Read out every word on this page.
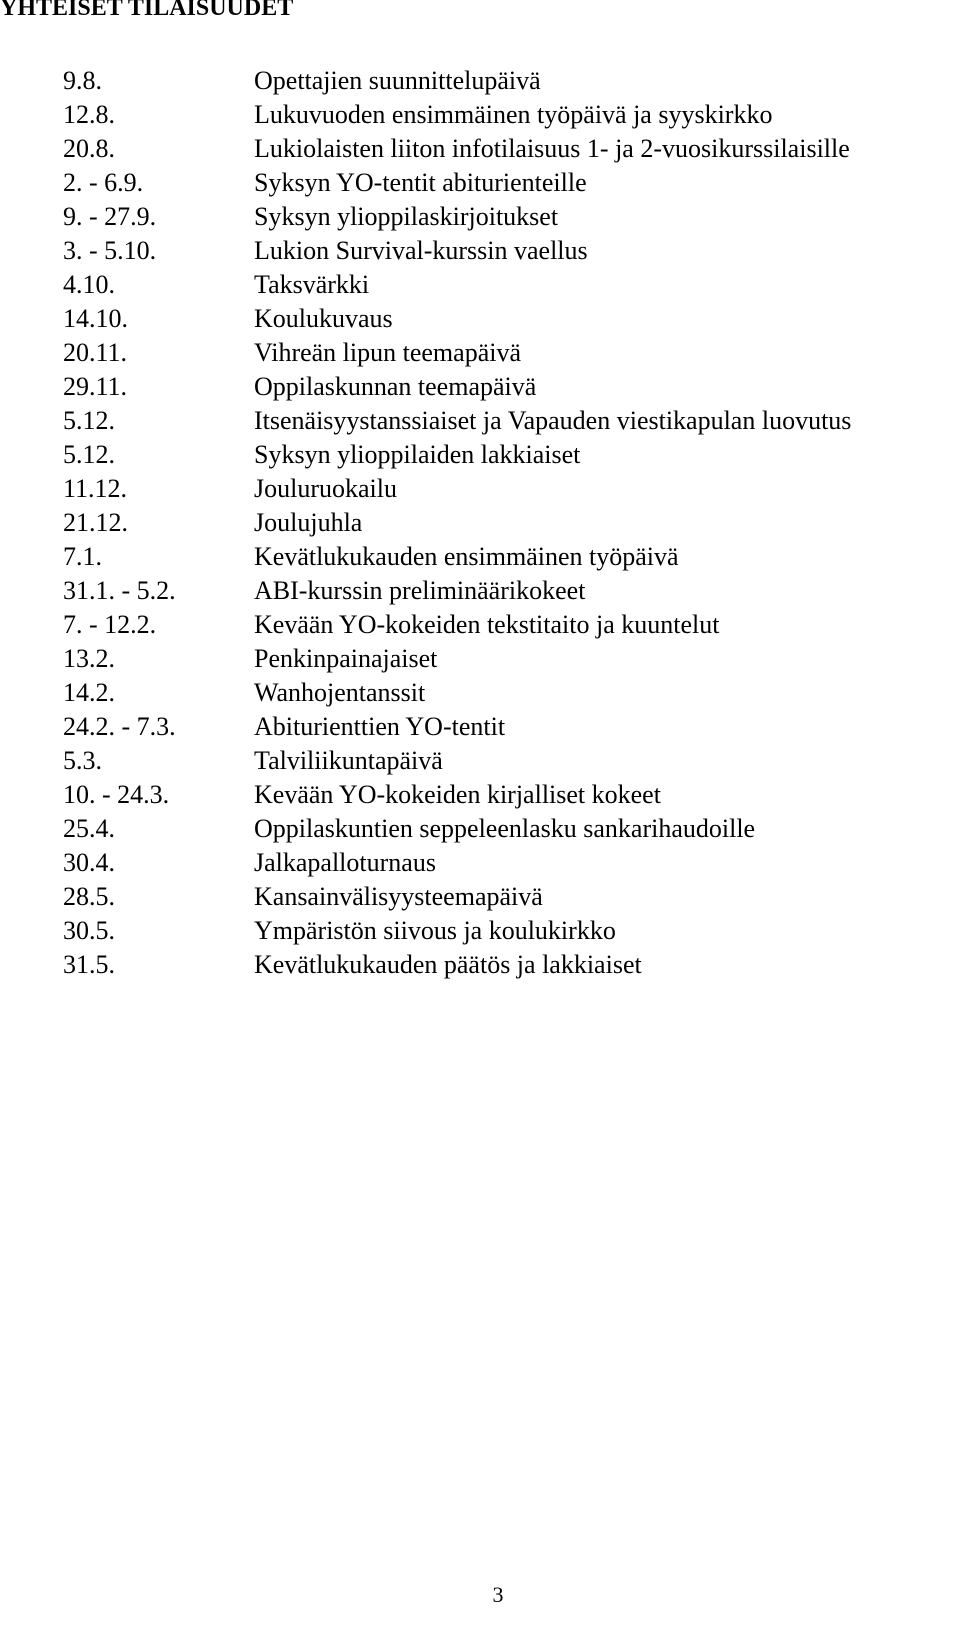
YHTEISET TILAISUUDET
9.8.	Opettajien suunnittelupäivä
12.8.	Lukuvuoden ensimmäinen työpäivä ja syyskirkko
20.8.	Lukiolaisten liiton infotilaisuus 1- ja 2-vuosikurssilaisille
2. - 6.9.	Syksyn YO-tentit abiturienteille
9. - 27.9.	Syksyn ylioppilaskirjoitukset
3. - 5.10.	Lukion Survival-kurssin vaellus
4.10.	Taksvärkki
14.10.	Koulukuvaus
20.11.	Vihreän lipun teemapäivä
29.11.	Oppilaskunnan teemapäivä
5.12.	Itsenäisyystanssiaiset ja Vapauden viestikapulan luovutus
5.12.	Syksyn ylioppilaiden lakkiaiset
11.12.	Jouluruokailu
21.12.	Joulujuhla
7.1.	Kevätlukukauden ensimmäinen työpäivä
31.1. - 5.2.	ABI-kurssin preliminäärikokeet
7. - 12.2.	Kevään YO-kokeiden tekstitaito ja kuuntelut
13.2.	Penkinpainajaiset
14.2.	Wanhojentanssit
24.2. - 7.3.	Abiturienttien YO-tentit
5.3.	Talviliikuntapäivä
10. - 24.3.	Kevään YO-kokeiden kirjalliset kokeet
25.4.	Oppilaskuntien seppeleenlasku sankarihaudoille
30.4.	Jalkapalloturnaus
28.5.	Kansainvälisyysteemapäivä
30.5.	Ympäristön siivous ja koulukirkko
31.5.	Kevätlukukauden päätös ja lakkiaiset
3
